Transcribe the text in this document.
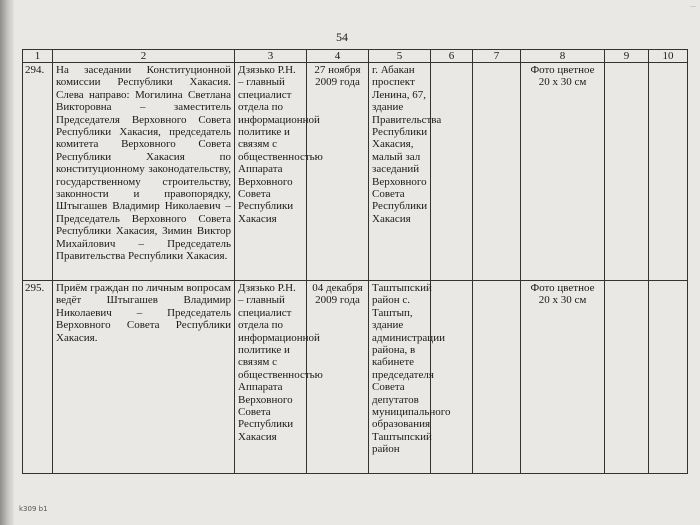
...
54
1	2	3	4	5	6	7	8	9	10
294.	На заседании Конституционной комиссии Республики Хакасия. Слева направо: Могилина Светлана Викторовна – заместитель Председателя Верховного Совета Республики Хакасия, председатель комитета Верховного Совета Республики Хакасия по конституционному законодательству, государственному строительству, законности и правопорядку, Штыгашев Владимир Николаевич – Председатель Верховного Совета Республики Хакасия, Зимин Виктор Михайлович – Председатель Правительства Республики Хакасия.	Дзязько Р.Н. – главный специалист отдела по информационной политике и связям с общественностью Аппарата Верховного Совета Республики Хакасия	27 ноября 2009 года	г. Абакан проспект Ленина, 67, здание Правительства Республики Хакасия, малый зал заседаний Верховного Совета Республики Хакасия			Фото цветное 20 х 30 см		
295.	Приём граждан по личным вопросам ведёт Штыгашев Владимир Николаевич – Председатель Верховного Совета Республики Хакасия.	Дзязько Р.Н. – главный специалист отдела по информационной политике и связям с общественностью Аппарата Верховного Совета Республики Хакасия	04 декабря 2009 года	Таштыпский район с. Таштып, здание администрации района, в кабинете председателя Совета депутатов муниципального образования Таштыпский район			Фото цветное 20 х 30 см		
k309 b1
